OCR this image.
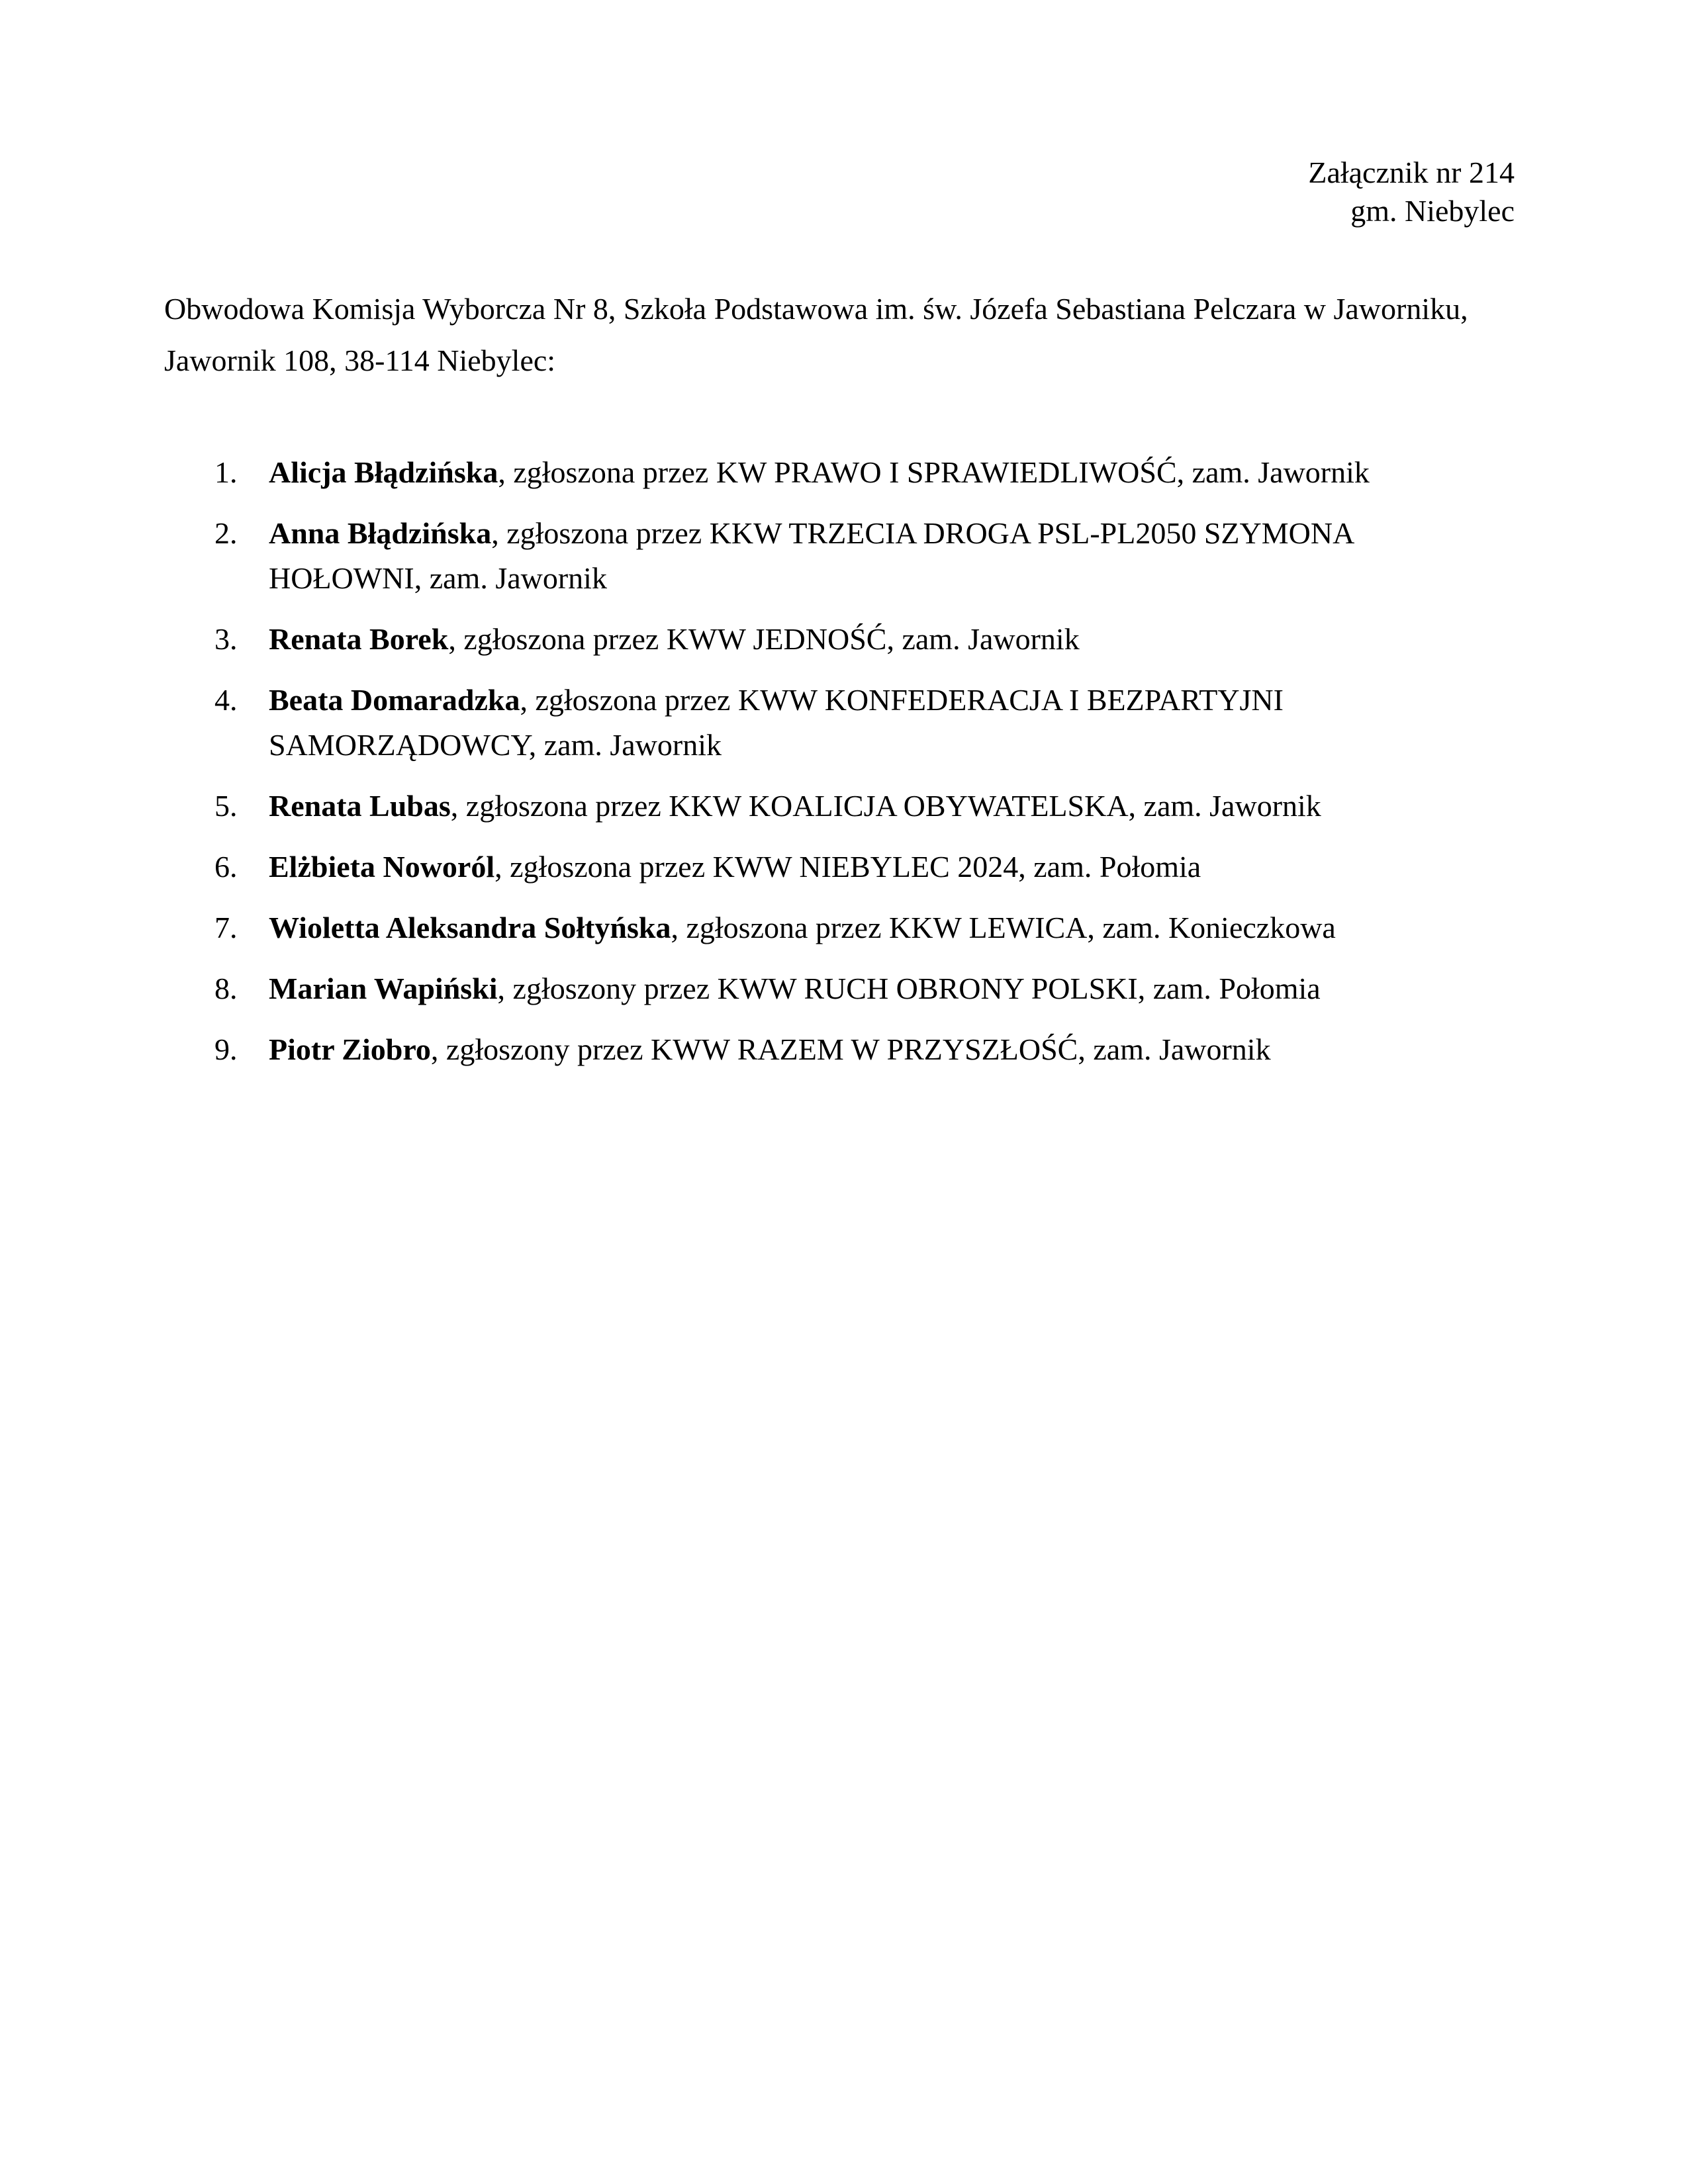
Załącznik nr 214
gm. Niebylec
Obwodowa Komisja Wyborcza Nr 8, Szkoła Podstawowa im. św. Józefa Sebastiana Pelczara w Jaworniku,
Jawornik 108, 38-114 Niebylec:
1. Alicja Błądzińska, zgłoszona przez KW PRAWO I SPRAWIEDLIWOŚĆ, zam. Jawornik
2. Anna Błądzińska, zgłoszona przez KKW TRZECIA DROGA PSL-PL2050 SZYMONA
HOŁOWNI, zam. Jawornik
3. Renata Borek, zgłoszona przez KWW JEDNOŚĆ, zam. Jawornik
4. Beata Domaradzka, zgłoszona przez KWW KONFEDERACJA I BEZPARTYJNI
SAMORZĄDOWCY, zam. Jawornik
5. Renata Lubas, zgłoszona przez KKW KOALICJA OBYWATELSKA, zam. Jawornik
6. Elżbieta Noworól, zgłoszona przez KWW NIEBYLEC 2024, zam. Połomia
7. Wioletta Aleksandra Sołtyńska, zgłoszona przez KKW LEWICA, zam. Konieczkowa
8. Marian Wapiński, zgłoszony przez KWW RUCH OBRONY POLSKI, zam. Połomia
9. Piotr Ziobro, zgłoszony przez KWW RAZEM W PRZYSZŁOŚĆ, zam. Jawornik
